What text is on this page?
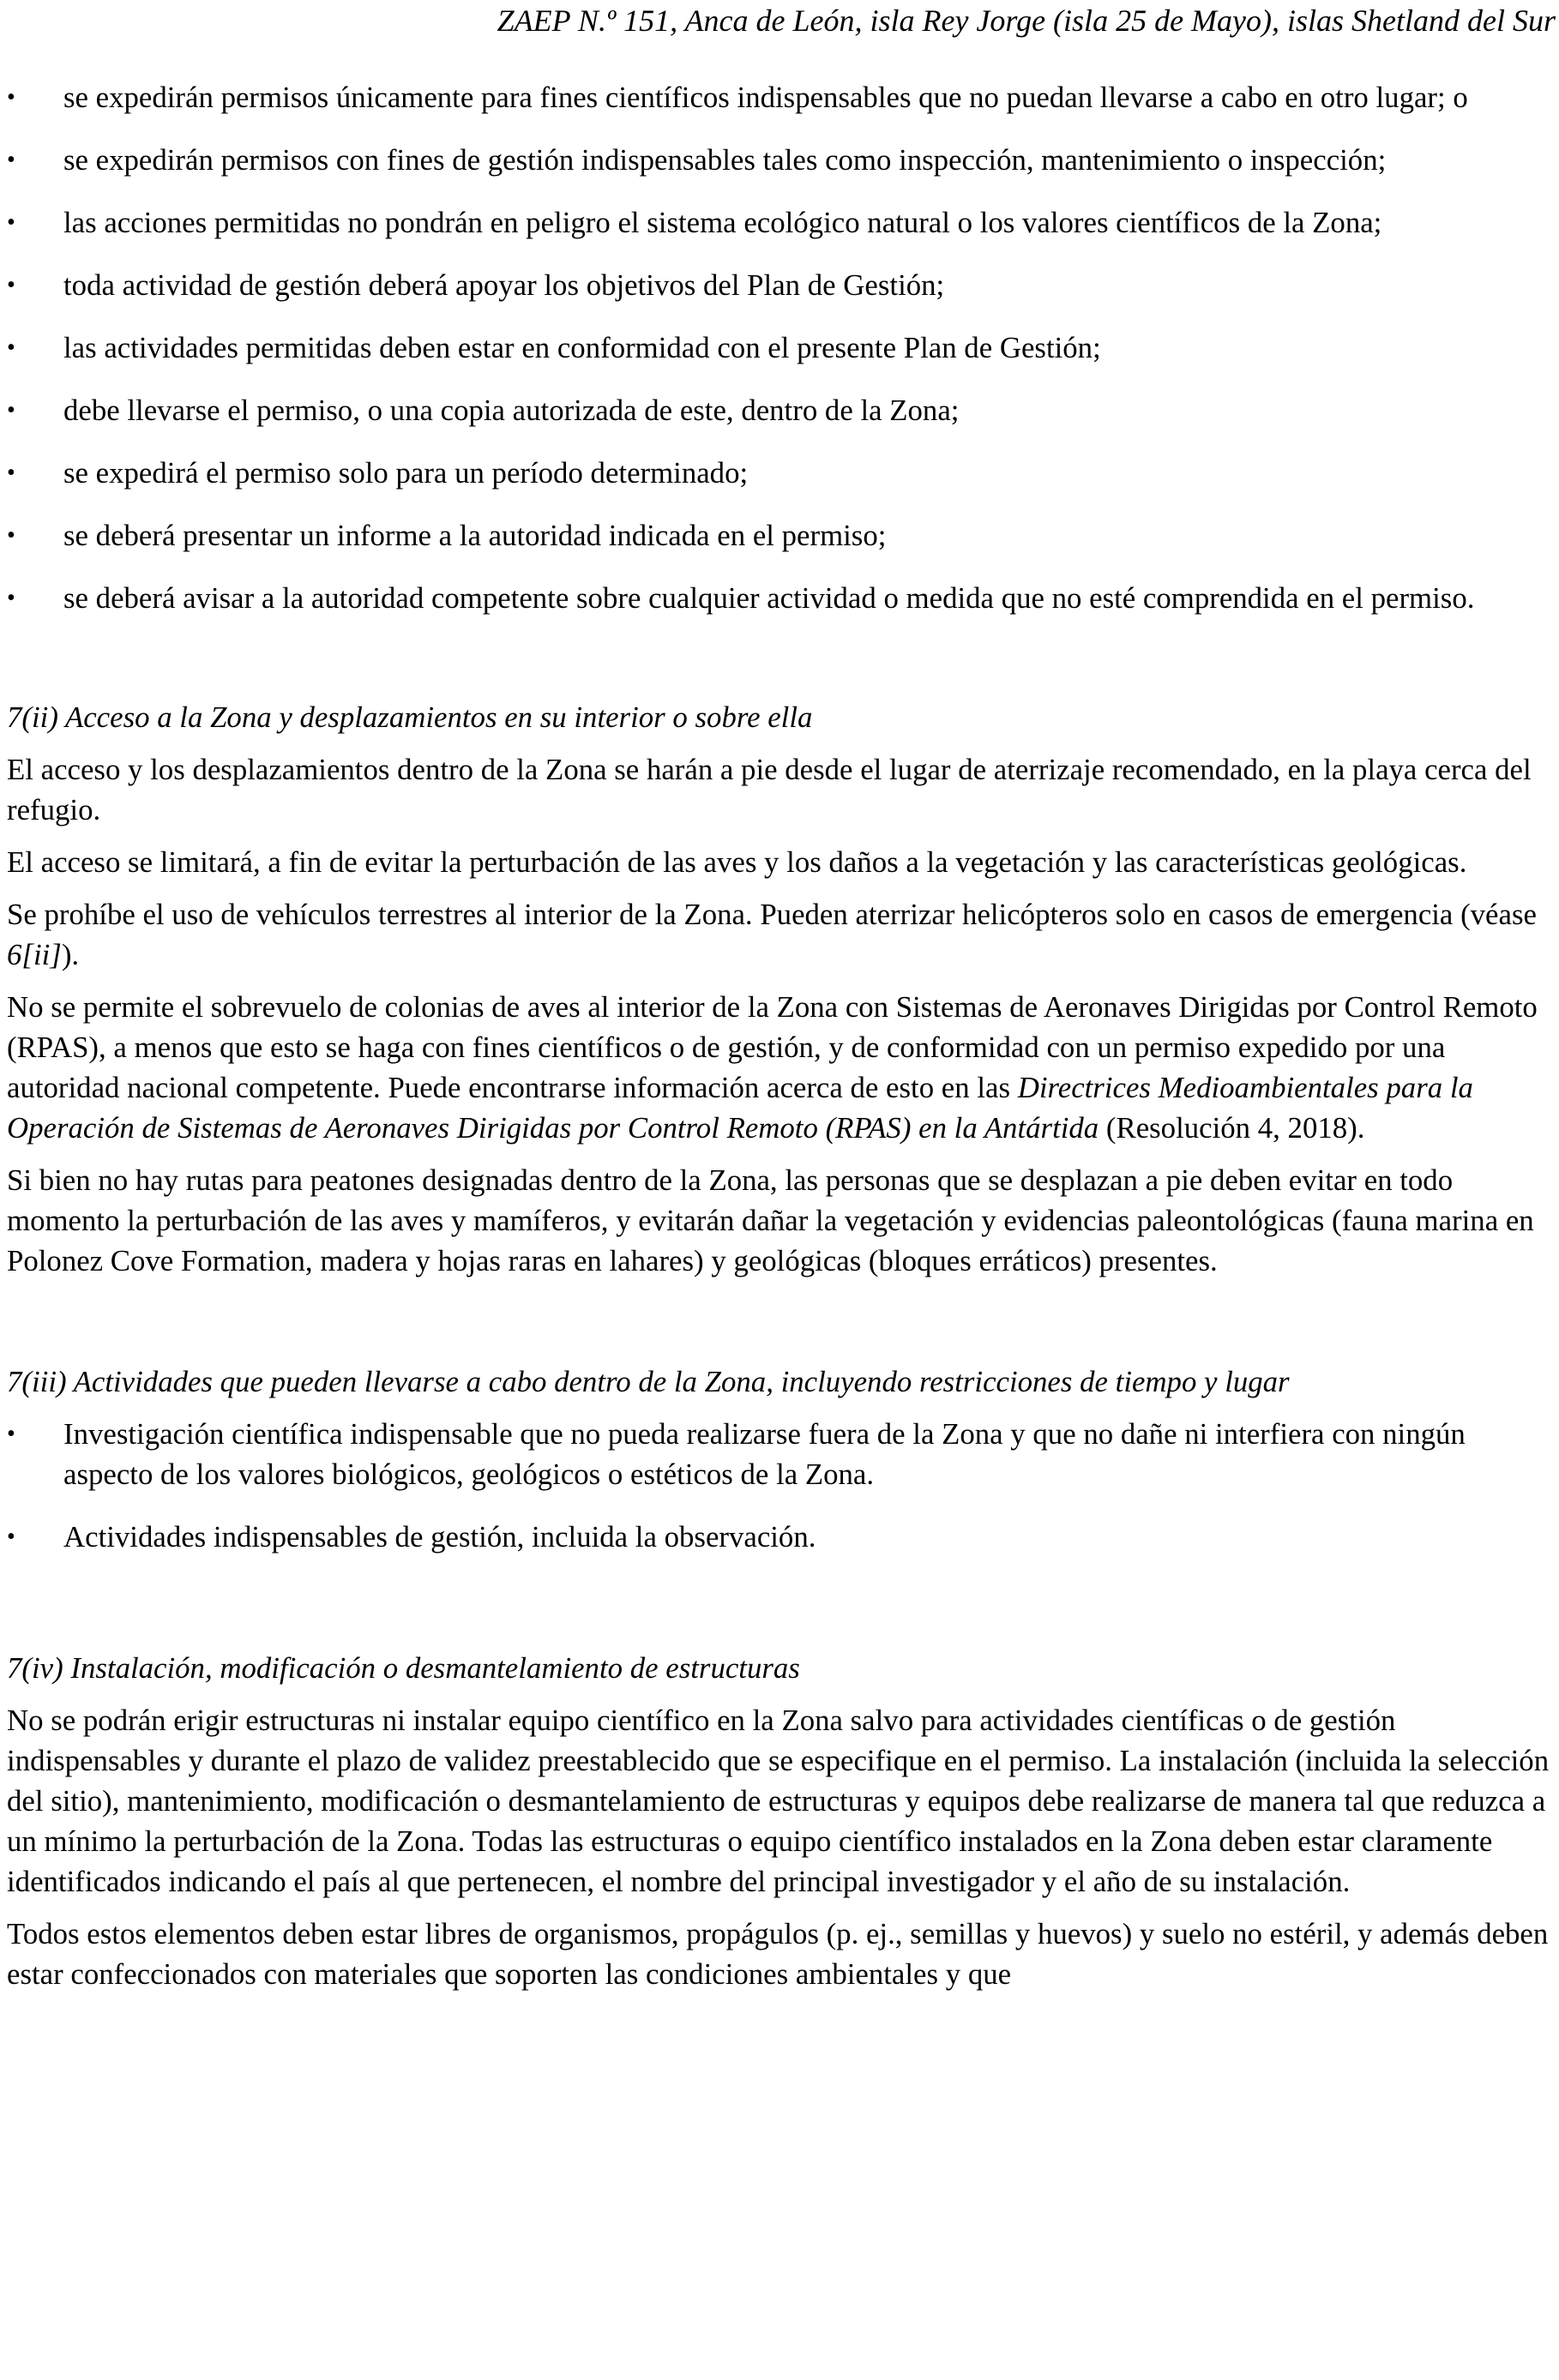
ZAEP N.º 151, Anca de León, isla Rey Jorge (isla 25 de Mayo), islas Shetland del Sur
•	se expedirán permisos únicamente para fines científicos indispensables que no puedan llevarse a cabo en otro lugar; o
•	se expedirán permisos con fines de gestión indispensables tales como inspección, mantenimiento o inspección;
•	las acciones permitidas no pondrán en peligro el sistema ecológico natural o los valores científicos de la Zona;
•	toda actividad de gestión deberá apoyar los objetivos del Plan de Gestión;
•	las actividades permitidas deben estar en conformidad con el presente Plan de Gestión;
•	debe llevarse el permiso, o una copia autorizada de este, dentro de la Zona;
•	se expedirá el permiso solo para un período determinado;
•	se deberá presentar un informe a la autoridad indicada en el permiso;
•	se deberá avisar a la autoridad competente sobre cualquier actividad o medida que no esté comprendida en el permiso.
7(ii) Acceso a la Zona y desplazamientos en su interior o sobre ella

El acceso y los desplazamientos dentro de la Zona se harán a pie desde el lugar de aterrizaje recomendado, en la playa cerca del refugio.

El acceso se limitará, a fin de evitar la perturbación de las aves y los daños a la vegetación y las características geológicas.

Se prohíbe el uso de vehículos terrestres al interior de la Zona. Pueden aterrizar helicópteros solo en casos de emergencia (véase 6[ii]).

No se permite el sobrevuelo de colonias de aves al interior de la Zona con Sistemas de Aeronaves Dirigidas por Control Remoto (RPAS), a menos que esto se haga con fines científicos o de gestión, y de conformidad con un permiso expedido por una autoridad nacional competente. Puede encontrarse información acerca de esto en las Directrices Medioambientales para la Operación de Sistemas de Aeronaves Dirigidas por Control Remoto (RPAS) en la Antártida (Resolución 4, 2018).

Si bien no hay rutas para peatones designadas dentro de la Zona, las personas que se desplazan a pie deben evitar en todo momento la perturbación de las aves y mamíferos, y evitarán dañar la vegetación y evidencias paleontológicas (fauna marina en Polonez Cove Formation, madera y hojas raras en lahares) y geológicas (bloques erráticos) presentes.

7(iii) Actividades que pueden llevarse a cabo dentro de la Zona, incluyendo restricciones de tiempo y lugar
•	Investigación científica indispensable que no pueda realizarse fuera de la Zona y que no dañe ni interfiera con ningún aspecto de los valores biológicos, geológicos o estéticos de la Zona.
•	Actividades indispensables de gestión, incluida la observación.
7(iv) Instalación, modificación o desmantelamiento de estructuras

No se podrán erigir estructuras ni instalar equipo científico en la Zona salvo para actividades científicas o de gestión indispensables y durante el plazo de validez preestablecido que se especifique en el permiso. La instalación (incluida la selección del sitio), mantenimiento, modificación o desmantelamiento de estructuras y equipos debe realizarse de manera tal que reduzca a un mínimo la perturbación de la Zona. Todas las estructuras o equipo científico instalados en la Zona deben estar claramente identificados indicando el país al que pertenecen, el nombre del principal investigador y el año de su instalación.

Todos estos elementos deben estar libres de organismos, propágulos (p. ej., semillas y huevos) y suelo no estéril, y además deben estar confeccionados con materiales que soporten las condiciones ambientales y que
